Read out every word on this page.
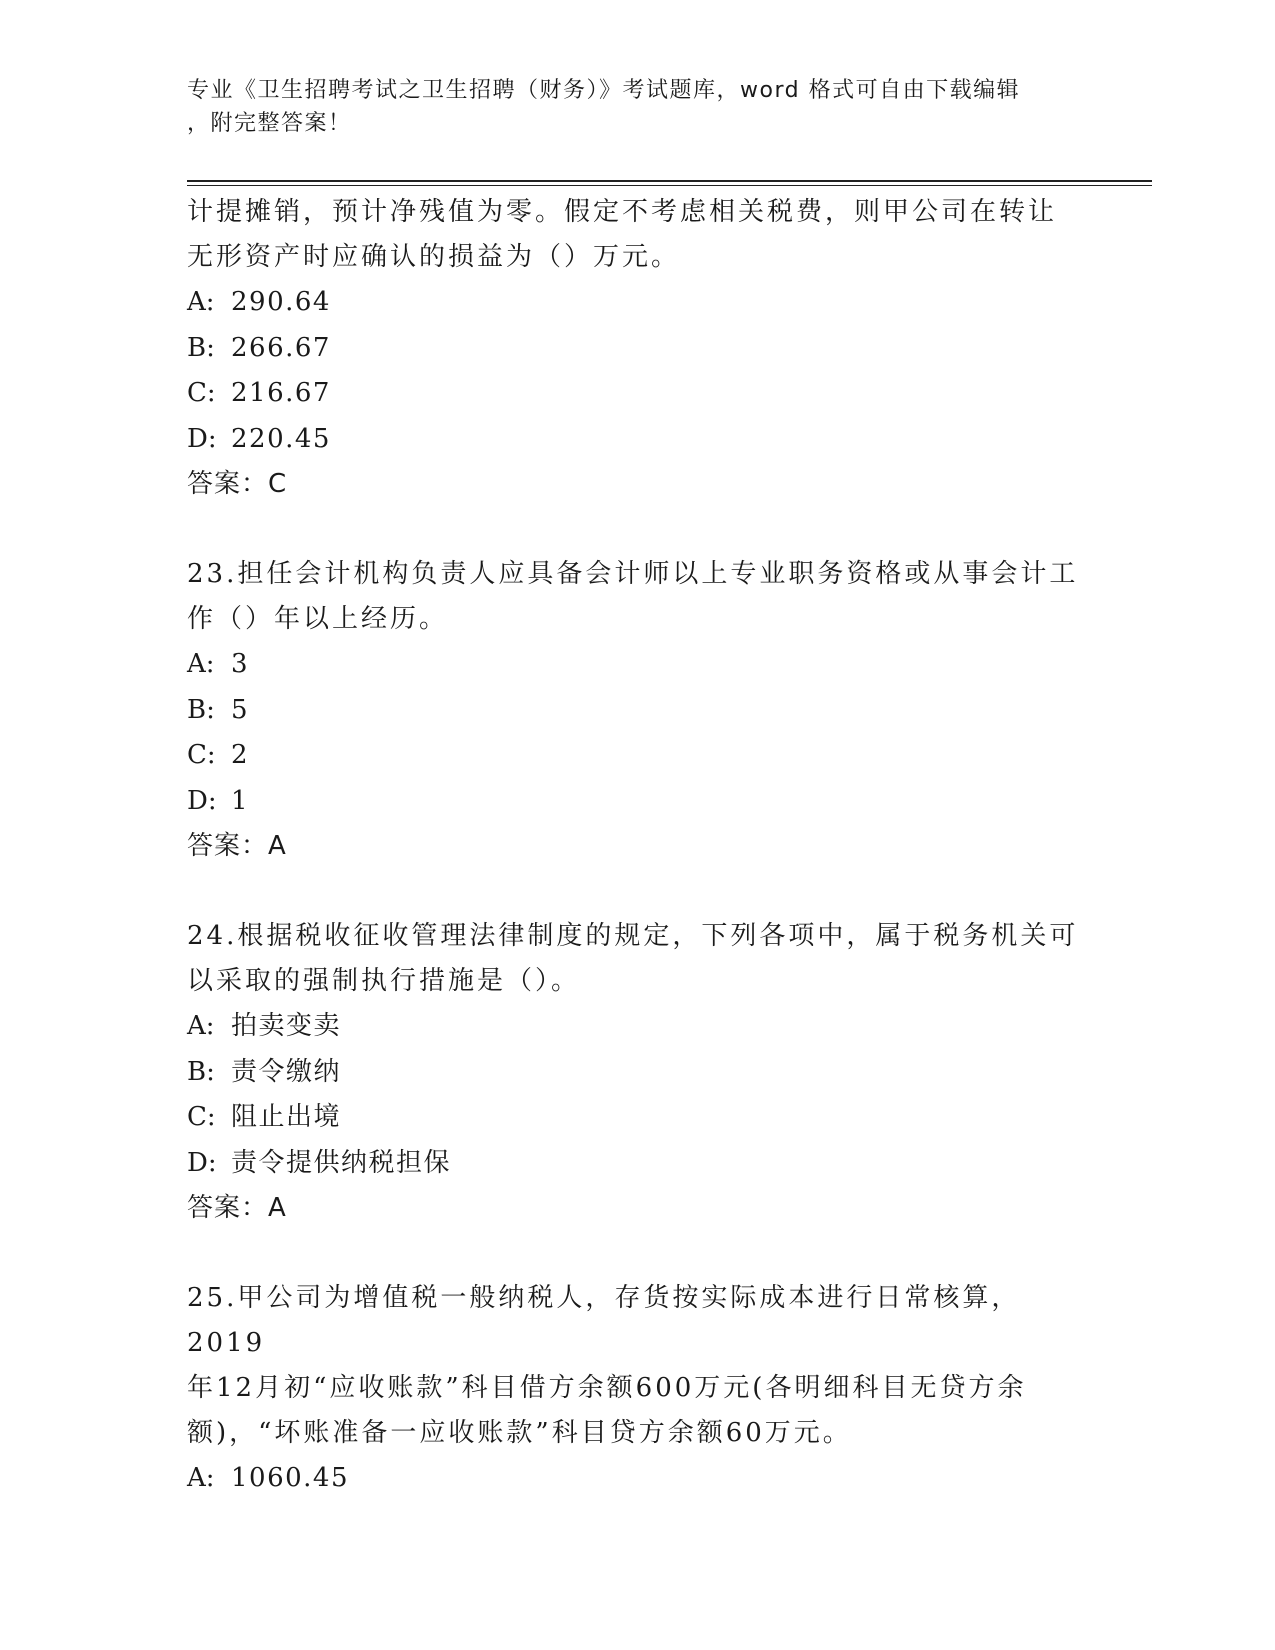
专业《卫生招聘考试之卫生招聘（财务）》考试题库，word 格式可自由下载编辑
，附完整答案！

计提摊销，预计净残值为零。假定不考虑相关税费，则甲公司在转让

无形资产时应确认的损益为（）万元。

A: 290.64

B: 266.67

C: 216.67

D: 220.45

答案：C

23.担任会计机构负责人应具备会计师以上专业职务资格或从事会计工

作（）年以上经历。

A: 3

B: 5

C: 2

D: 1

答案：A

24.根据税收征收管理法律制度的规定，下列各项中，属于税务机关可

以采取的强制执行措施是（）。

A: 拍卖变卖

B: 责令缴纳

C: 阻止出境

D: 责令提供纳税担保

答案：A

25.甲公司为增值税一般纳税人，存货按实际成本进行日常核算，2019

年12月初“应收账款”科目借方余额600万元(各明细科目无贷方余

额)，“坏账准备一应收账款”科目贷方余额60万元。

A: 1060.45
